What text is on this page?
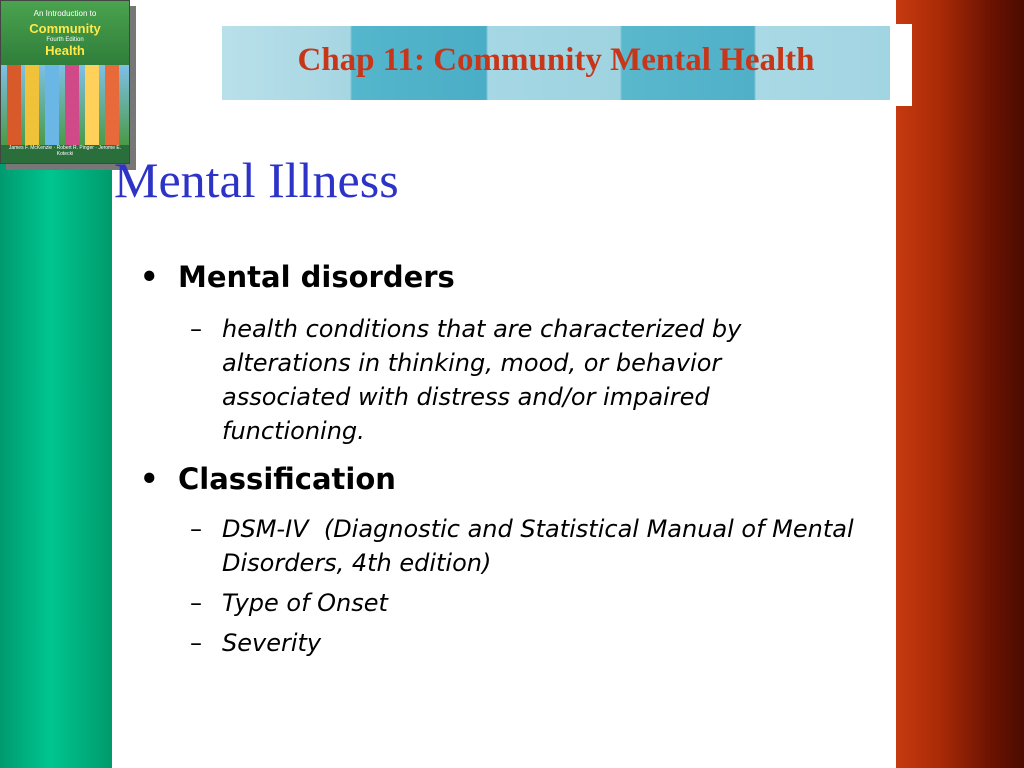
An Introduction to
Community
Fourth Edition
Health
James F. McKenzie · Robert R. Pinger · Jerome E. Kotecki
Chap 11: Community Mental Health
Mental Illness
• Mental disorders
– health conditions that are characterized by alterations in thinking, mood, or behavior associated with distress and/or impaired functioning.
• Classification
– DSM-IV  (Diagnostic and Statistical Manual of Mental Disorders, 4th edition)
– Type of Onset
– Severity
